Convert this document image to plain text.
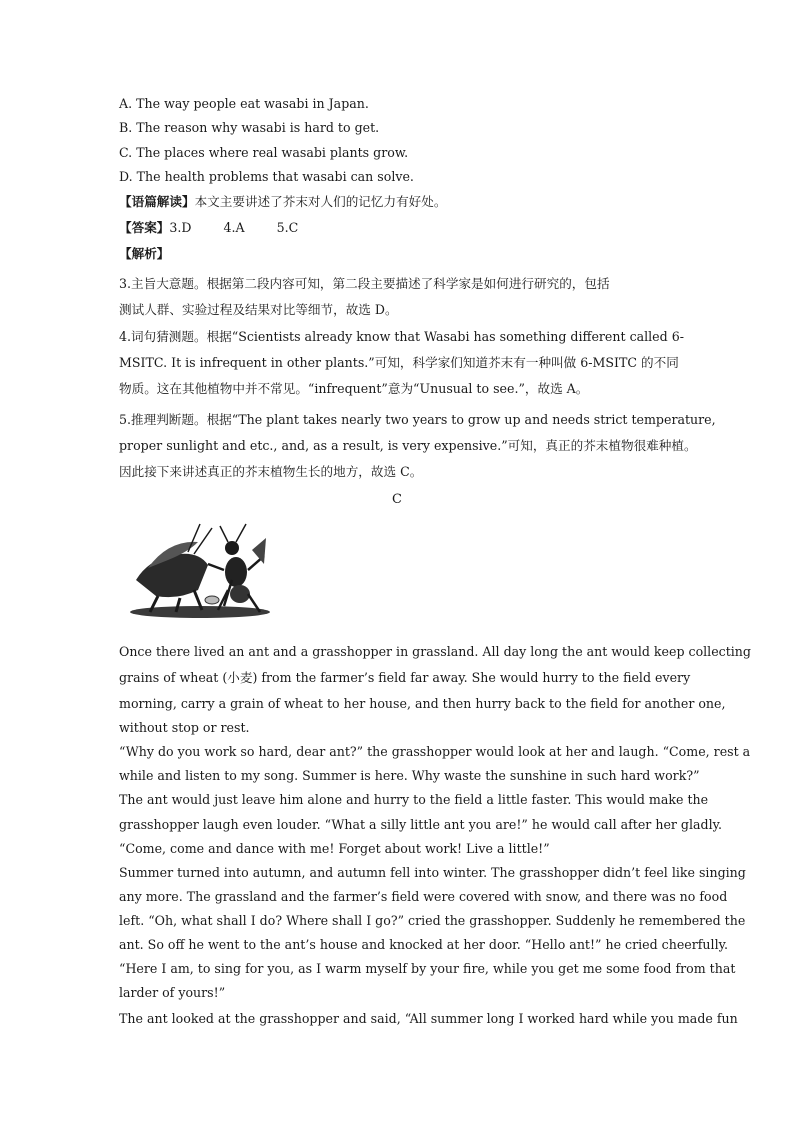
A. The way people eat wasabi in Japan.
B. The reason why wasabi is hard to get.
C. The places where real wasabi plants grow.
D. The health problems that wasabi can solve.
【语篇解读】本文主要讲述了芥末对人们的记忆力有好处。
【答案】3.D        4.A        5.C
【解析】
3.主旨大意题。根据第二段内容可知，第二段主要描述了科学家是如何进行研究的，包括
测试人群、实验过程及结果对比等细节，故选 D。
4.词句猜测题。根据“Scientists already know that Wasabi has something different called 6-
MSITC. It is infrequent in other plants.”可知，科学家们知道芥末有一种叫做 6-MSITC 的不同
物质。这在其他植物中并不常见。“infrequent”意为“Unusual to see.”，故选 A。
5.推理判断题。根据“The plant takes nearly two years to grow up and needs strict temperature,
proper sunlight and etc., and, as a result, is very expensive.”可知，真正的芥末植物很难种植。
因此接下来讲述真正的芥末植物生长的地方，故选 C。
C
Once there lived an ant and a grasshopper in grassland. All day long the ant would keep collecting
grains of wheat (小麦) from the farmer’s field far away. She would hurry to the field every
morning, carry a grain of wheat to her house, and then hurry back to the field for another one,
without stop or rest.
“Why do you work so hard, dear ant?” the grasshopper would look at her and laugh. “Come, rest a
while and listen to my song. Summer is here. Why waste the sunshine in such hard work?”
The ant would just leave him alone and hurry to the field a little faster. This would make the
grasshopper laugh even louder. “What a silly little ant you are!” he would call after her gladly.
“Come, come and dance with me! Forget about work! Live a little!”
Summer turned into autumn, and autumn fell into winter. The grasshopper didn’t feel like singing
any more. The grassland and the farmer’s field were covered with snow, and there was no food
left. “Oh, what shall I do? Where shall I go?” cried the grasshopper. Suddenly he remembered the
ant. So off he went to the ant’s house and knocked at her door. “Hello ant!” he cried cheerfully.
“Here I am, to sing for you, as I warm myself by your fire, while you get me some food from that
larder of yours!”
The ant looked at the grasshopper and said, “All summer long I worked hard while you made fun
